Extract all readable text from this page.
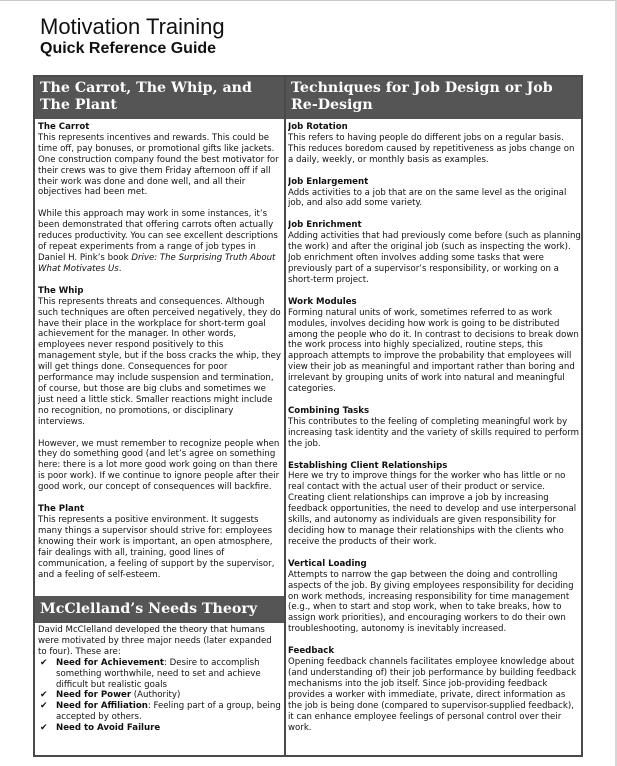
Motivation Training
Quick Reference Guide
The Carrot, The Whip, and The Plant
Techniques for Job Design or Job Re-Design

The Carrot

This represents incentives and rewards. This could be time off, pay bonuses, or promotional gifts like jackets. One construction company found the best motivator for their crews was to give them Friday afternoon off if all their work was done and done well, and all their objectives had been met.

While this approach may work in some instances, it’s been demonstrated that offering carrots often actually reduces productivity. You can see excellent descriptions of repeat experiments from a range of job types in Daniel H. Pink’s book Drive: The Surprising Truth About What Motivates Us.

The Whip

This represents threats and consequences. Although such techniques are often perceived negatively, they do have their place in the workplace for short-term goal achievement for the manager. In other words, employees never respond positively to this management style, but if the boss cracks the whip, they will get things done. Consequences for poor performance may include suspension and termination, of course, but those are big clubs and sometimes we just need a little stick. Smaller reactions might include no recognition, no promotions, or disciplinary interviews.

However, we must remember to recognize people when they do something good (and let’s agree on something here: there is a lot more good work going on than there is poor work). If we continue to ignore people after their good work, our concept of consequences will backfire.

The Plant

This represents a positive environment. It suggests many things a supervisor should strive for: employees knowing their work is important, an open atmosphere, fair dealings with all, training, good lines of communication, a feeling of support by the supervisor, and a feeling of self-esteem.

McClelland’s Needs Theory

David McClelland developed the theory that humans were motivated by three major needs (later expanded to four). These are:

✔ Need for Achievement: Desire to accomplish something worthwhile, need to set and achieve difficult but realistic goals
✔ Need for Power (Authority)
✔ Need for Affiliation: Feeling part of a group, being accepted by others.
✔ Need to Avoid Failure

Job Rotation

This refers to having people do different jobs on a regular basis. This reduces boredom caused by repetitiveness as jobs change on a daily, weekly, or monthly basis as examples.

Job Enlargement

Adds activities to a job that are on the same level as the original job, and also add some variety.

Job Enrichment

Adding activities that had previously come before (such as planning the work) and after the original job (such as inspecting the work). Job enrichment often involves adding some tasks that were previously part of a supervisor’s responsibility, or working on a short-term project.

Work Modules

Forming natural units of work, sometimes referred to as work modules, involves deciding how work is going to be distributed among the people who do it. In contrast to decisions to break down the work process into highly specialized, routine steps, this approach attempts to improve the probability that employees will view their job as meaningful and important rather than boring and irrelevant by grouping units of work into natural and meaningful categories.

Combining Tasks

This contributes to the feeling of completing meaningful work by increasing task identity and the variety of skills required to perform the job.

Establishing Client Relationships

Here we try to improve things for the worker who has little or no real contact with the actual user of their product or service. Creating client relationships can improve a job by increasing feedback opportunities, the need to develop and use interpersonal skills, and autonomy as individuals are given responsibility for deciding how to manage their relationships with the clients who receive the products of their work.

Vertical Loading

Attempts to narrow the gap between the doing and controlling aspects of the job. By giving employees responsibility for deciding on work methods, increasing responsibility for time management (e.g., when to start and stop work, when to take breaks, how to assign work priorities), and encouraging workers to do their own troubleshooting, autonomy is inevitably increased.

Feedback

Opening feedback channels facilitates employee knowledge about (and understanding of) their job performance by building feedback mechanisms into the job itself. Since job-providing feedback provides a worker with immediate, private, direct information as the job is being done (compared to supervisor-supplied feedback), it can enhance employee feelings of personal control over their work.
